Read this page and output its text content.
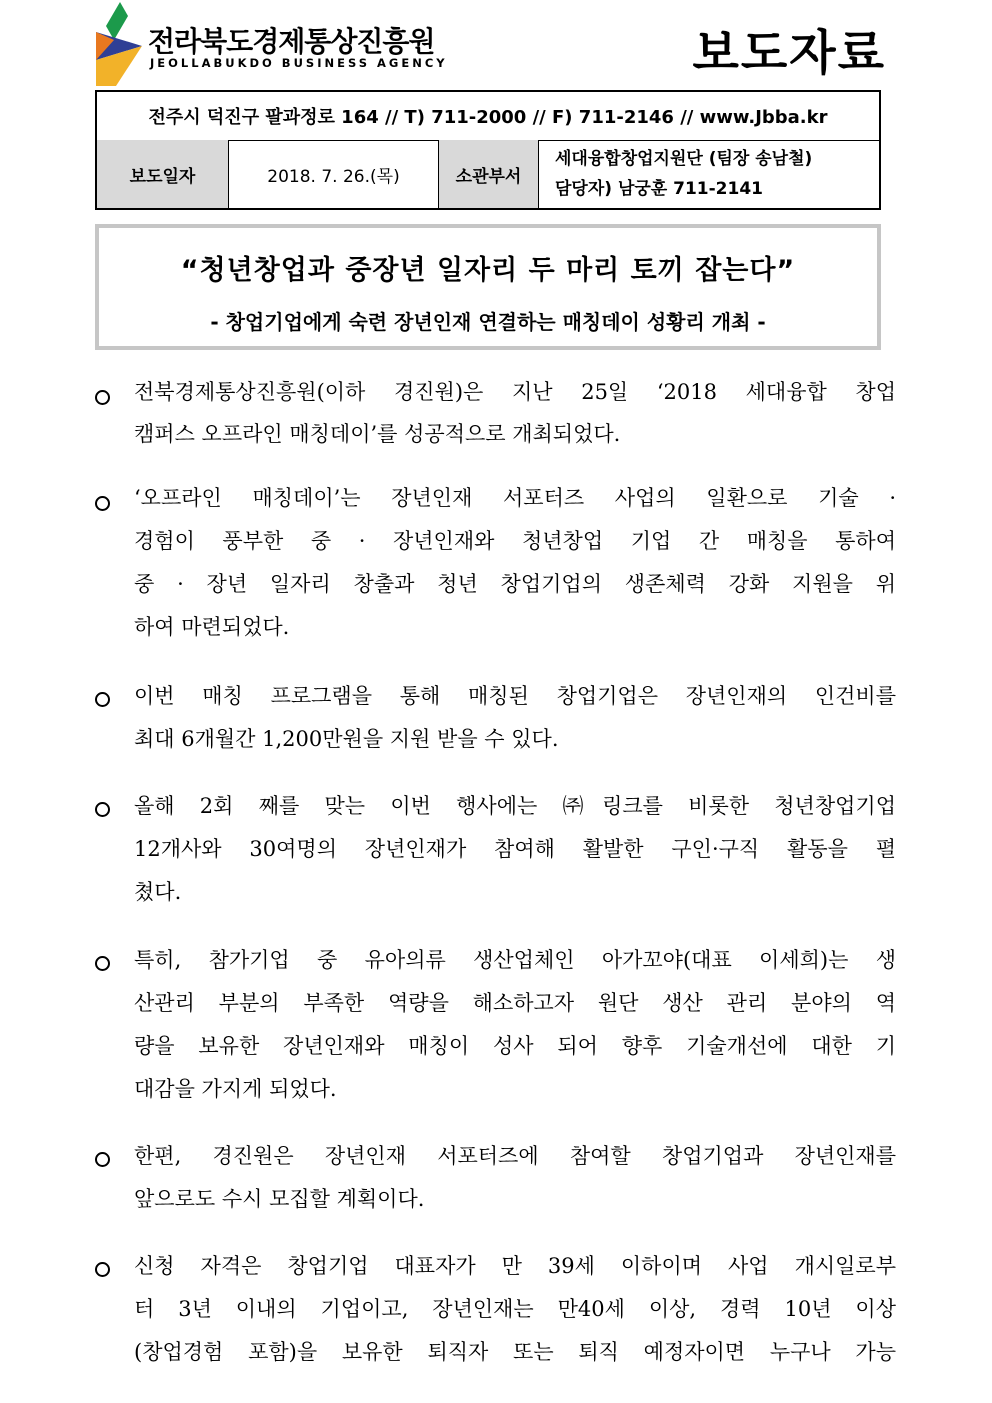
전라북도경제통상진흥원
JEOLLABUKDO BUSINESS AGENCY	보도자료
전주시 덕진구 팔과정로 164 // T) 711-2000 // F) 711-2146 // www.Jbba.kr
보도일자	2018. 7. 26.(목)	소관부서
세대융합창업지원단 (팀장 송남철)
담당자) 남궁훈 711-2141
“청년창업과 중장년 일자리 두 마리 토끼 잡는다”
- 창업기업에게 숙련 장년인재 연결하는 매칭데이 성황리 개최 -
전북경제통상진흥원(이하 경진원)은 지난 25일 ‘2018 세대융합 창업
캠퍼스 오프라인 매칭데이’를 성공적으로 개최되었다.
‘오프라인 매칭데이’는 장년인재 서포터즈 사업의 일환으로 기술 ·
경험이 풍부한 중 · 장년인재와 청년창업 기업 간 매칭을 통하여
중 · 장년 일자리 창출과 청년 창업기업의 생존체력 강화 지원을 위
하여 마련되었다.
이번 매칭 프로그램을 통해 매칭된 창업기업은 장년인재의 인건비를
최대 6개월간 1,200만원을 지원 받을 수 있다.
올해 2회 째를 맞는 이번 행사에는 ㈜링크를 비롯한 청년창업기업
12개사와 30여명의 장년인재가 참여해 활발한 구인·구직 활동을 펼
쳤다.
특히, 참가기업 중 유아의류 생산업체인 아가꼬야(대표 이세희)는 생
산관리 부분의 부족한 역량을 해소하고자 원단 생산 관리 분야의 역
량을 보유한 장년인재와 매칭이 성사 되어 향후 기술개선에 대한 기
대감을 가지게 되었다.
한편, 경진원은 장년인재 서포터즈에 참여할 창업기업과 장년인재를
앞으로도 수시 모집할 계획이다.
신청 자격은 창업기업 대표자가 만 39세 이하이며 사업 개시일로부
터 3년 이내의 기업이고, 장년인재는 만40세 이상, 경력 10년 이상
(창업경험 포함)을 보유한 퇴직자 또는 퇴직 예정자이면 누구나 가능
